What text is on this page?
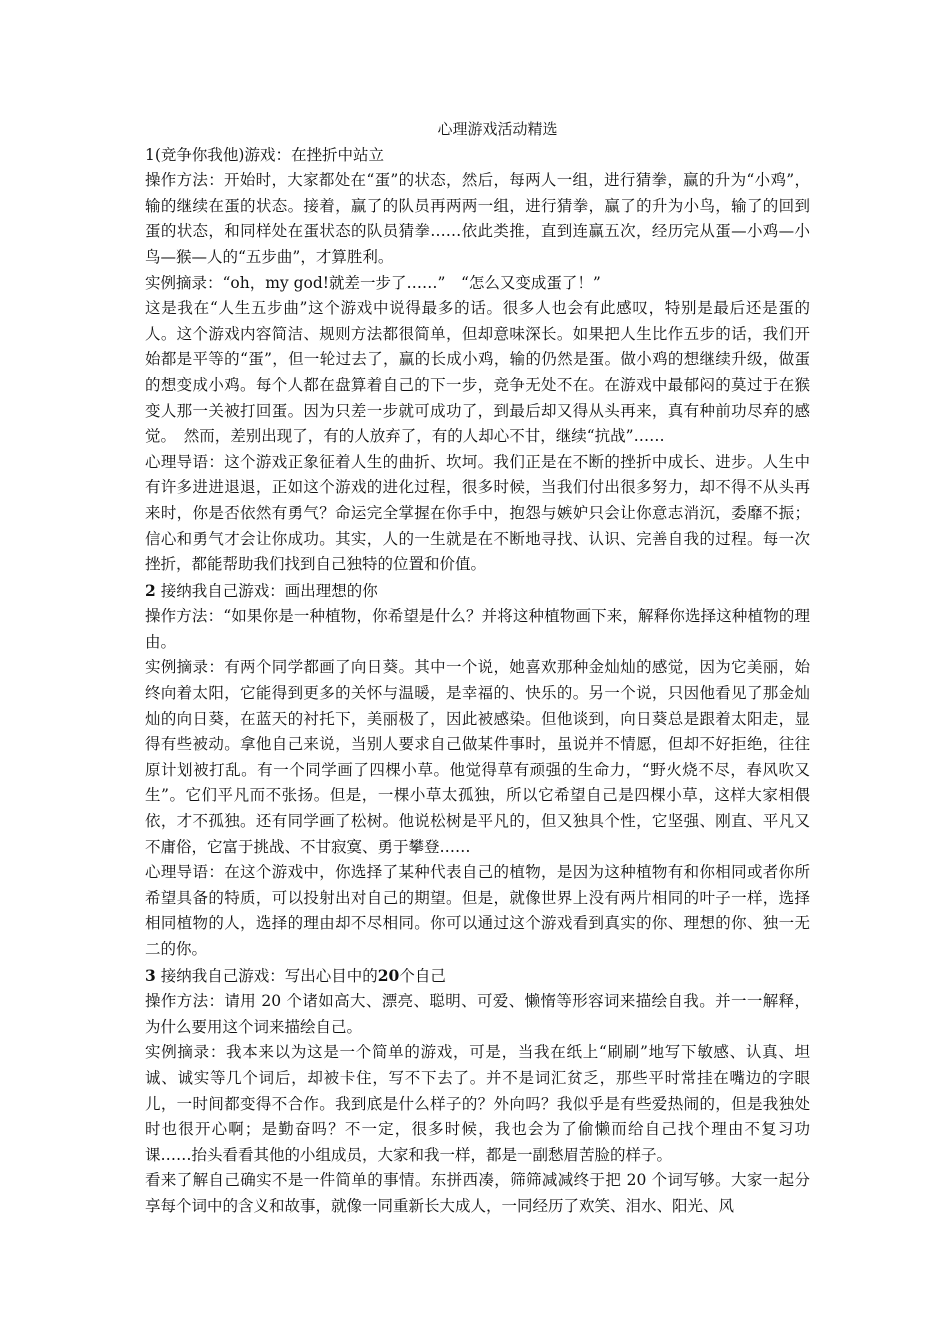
心理游戏活动精选

1(竞争你我他)游戏：在挫折中站立

操作方法：开始时，大家都处在“蛋”的状态，然后，每两人一组，进行猜拳，赢的升为“小鸡”，输的继续在蛋的状态。接着，赢了的队员再两两一组，进行猜拳，赢了的升为小鸟，输了的回到蛋的状态，和同样处在蛋状态的队员猜拳……依此类推，直到连赢五次，经历完从蛋—小鸡—小鸟—猴—人的“五步曲”，才算胜利。

实例摘录：“oh，my god!就差一步了……”　“怎么又变成蛋了！”

这是我在“人生五步曲”这个游戏中说得最多的话。很多人也会有此感叹，特别是最后还是蛋的人。这个游戏内容简洁、规则方法都很简单，但却意味深长。如果把人生比作五步的话，我们开始都是平等的“蛋”，但一轮过去了，赢的长成小鸡，输的仍然是蛋。做小鸡的想继续升级，做蛋的想变成小鸡。每个人都在盘算着自己的下一步，竞争无处不在。在游戏中最郁闷的莫过于在猴变人那一关被打回蛋。因为只差一步就可成功了，到最后却又得从头再来，真有种前功尽弃的感觉。　然而，差别出现了，有的人放弃了，有的人却心不甘，继续“抗战”……

心理导语：这个游戏正象征着人生的曲折、坎坷。我们正是在不断的挫折中成长、进步。人生中有许多进进退退，正如这个游戏的进化过程，很多时候，当我们付出很多努力，却不得不从头再来时，你是否依然有勇气？命运完全掌握在你手中，抱怨与嫉妒只会让你意志消沉，委靡不振；信心和勇气才会让你成功。其实，人的一生就是在不断地寻找、认识、完善自我的过程。每一次挫折，都能帮助我们找到自己独特的位置和价值。

2 接纳我自己游戏：画出理想的你

操作方法：“如果你是一种植物，你希望是什么？并将这种植物画下来，解释你选择这种植物的理由。

实例摘录：有两个同学都画了向日葵。其中一个说，她喜欢那种金灿灿的感觉，因为它美丽，始终向着太阳，它能得到更多的关怀与温暖，是幸福的、快乐的。另一个说，只因他看见了那金灿灿的向日葵，在蓝天的衬托下，美丽极了，因此被感染。但他谈到，向日葵总是跟着太阳走，显得有些被动。拿他自己来说，当别人要求自己做某件事时，虽说并不情愿，但却不好拒绝，往往原计划被打乱。有一个同学画了四棵小草。他觉得草有顽强的生命力，“野火烧不尽，春风吹又生”。它们平凡而不张扬。但是，一棵小草太孤独，所以它希望自己是四棵小草，这样大家相偎依，才不孤独。还有同学画了松树。他说松树是平凡的，但又独具个性，它坚强、刚直、平凡又不庸俗，它富于挑战、不甘寂寞、勇于攀登……

心理导语：在这个游戏中，你选择了某种代表自己的植物，是因为这种植物有和你相同或者你所希望具备的特质，可以投射出对自己的期望。但是，就像世界上没有两片相同的叶子一样，选择相同植物的人，选择的理由却不尽相同。你可以通过这个游戏看到真实的你、理想的你、独一无二的你。

3 接纳我自己游戏：写出心目中的20个自己

操作方法：请用 20 个诸如高大、漂亮、聪明、可爱、懒惰等形容词来描绘自我。并一一解释，为什么要用这个词来描绘自己。

实例摘录：我本来以为这是一个简单的游戏，可是，当我在纸上“刷刷”地写下敏感、认真、坦诚、诚实等几个词后，却被卡住，写不下去了。并不是词汇贫乏，那些平时常挂在嘴边的字眼儿，一时间都变得不合作。我到底是什么样子的？外向吗？我似乎是有些爱热闹的，但是我独处时也很开心啊；是勤奋吗？不一定，很多时候，我也会为了偷懒而给自己找个理由不复习功课……抬头看看其他的小组成员，大家和我一样，都是一副愁眉苦脸的样子。

看来了解自己确实不是一件简单的事情。东拼西凑，筛筛减减终于把 20 个词写够。大家一起分享每个词中的含义和故事，就像一同重新长大成人，一同经历了欢笑、泪水、阳光、风
